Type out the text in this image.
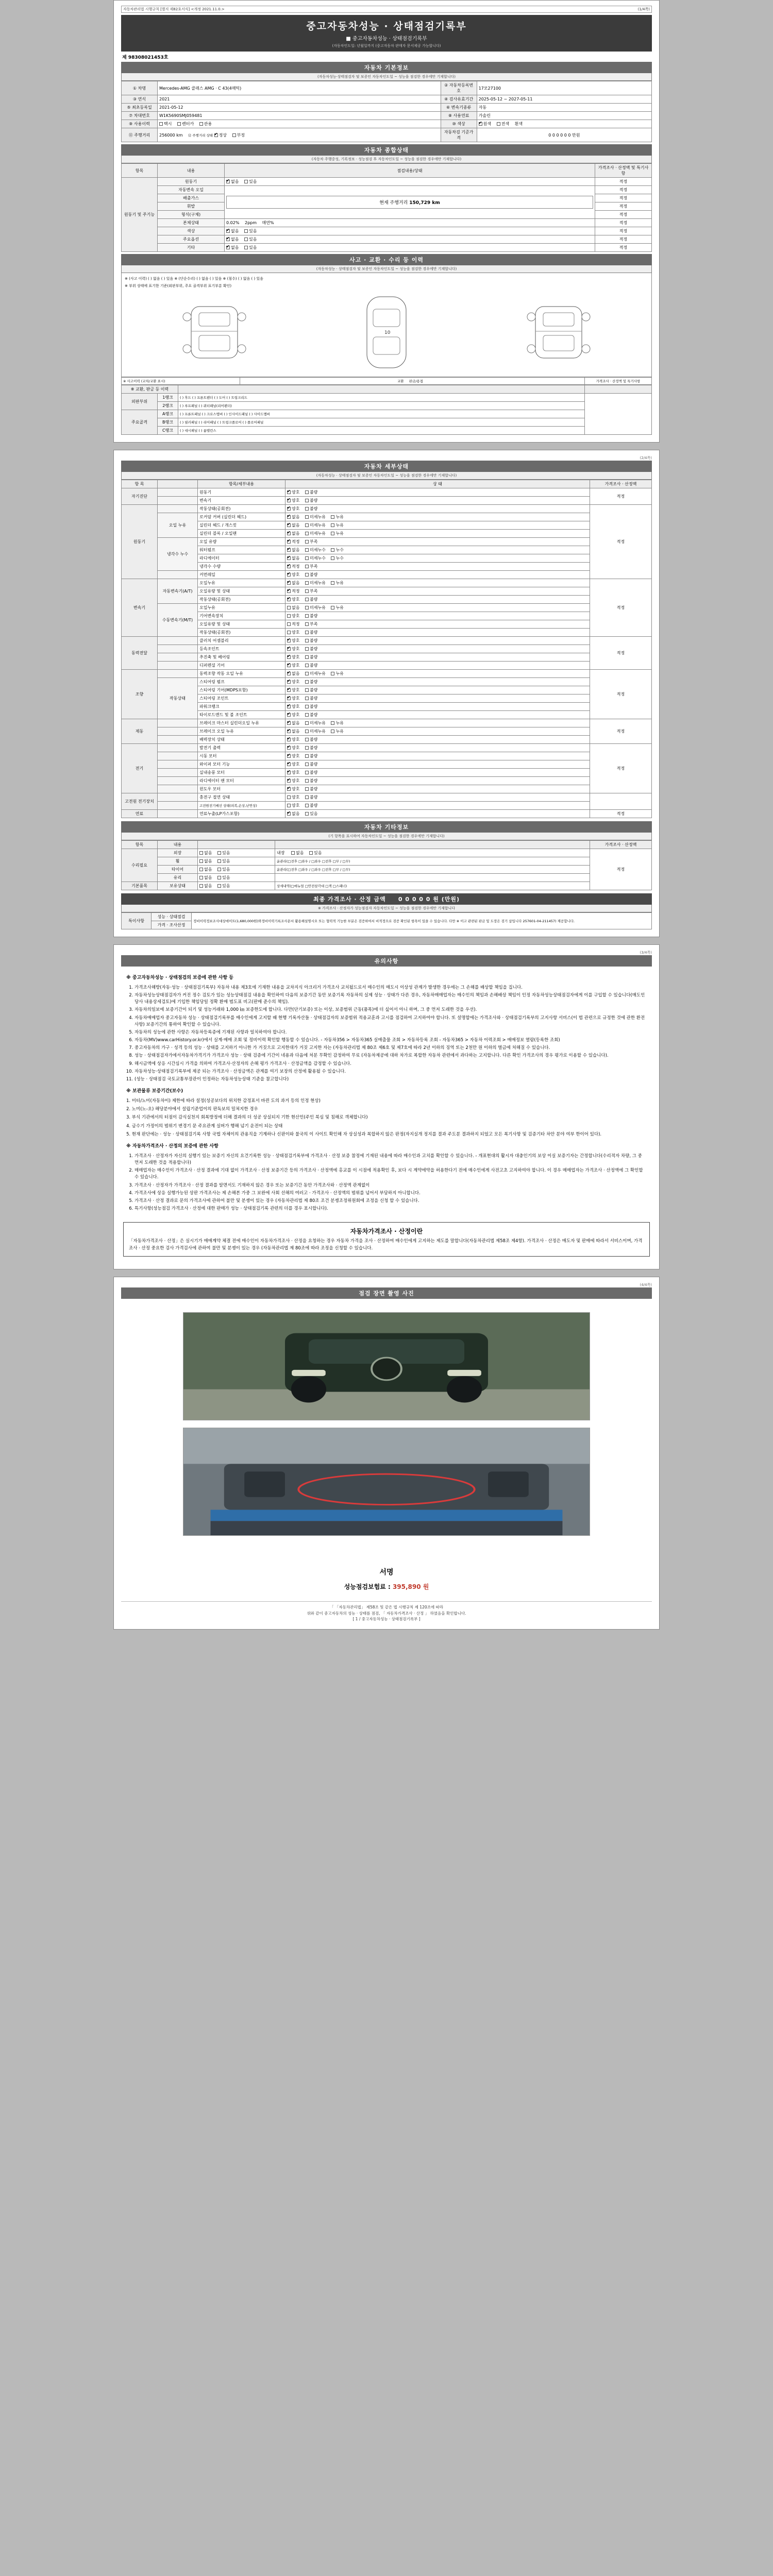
자동차관리법 시행규칙 [별지 제82호서식] <개정 2021.11.0.>	(1/4쪽)
중고자동차성능 · 상태점검기록부
■ 중고자동차성능 · 상태점검기록부
(자동차인도일: 년월일까지 (중고자동차 판매자 문서제공 가능합니다)
제 98308021453호
자동차 기본정보
(자동차성능·상태점검자 및 보증인 자동차인도일 ~ 성능을 점검한 경우에만 기재합니다)
① 차명	Mercedes-AMG 클래스 AMG · C 43(4매틱)	② 자동차등록번호	17모27100
③ 연식	2021	④ 검사유효기간	2025-05-12 ~ 2027-05-11
⑤ 최초등록일	2021-05-12	⑥ 변속기종류	자동
⑦ 차대번호	W1K5690SMJ059481	⑧ 사용연료	가솔린
⑨ 사용이력	택시 렌터카 관용	⑩ 색상	✔원색 전색 흰색
⑪ 주행거리	256000 km ⑫ 주행거리 상태 ✔ 정상 부정	자동차검 기준가격	0 0 0 0 0 0 만원
자동차 종합상태
(자동차 주행중성, 기록정보 · 성능점검 후 자동차인도일 ~ 성능을 점검한 경우에만 기재합니다)
항목	내용	점검내용/상태	가격조사 · 산정액 및 특기사항
원동기 및 주기능	원동기	✔없음 있음	적정
	자동변속 오일	현재 주행거리 150,729 km	적정
	배출가스		적정
	휘발		적정
	형식(구체)		적정
	본체상태	0.02% 2ppm 매연%	적정
	색상	✔없음 있음	적정
	주요옵션	✔없음 있음	적정
	기타	✔없음 있음	적정
사고 · 교환 · 수리 등 이력
(자동차성능 · 상태점검자 및 보증인 자동차인도일 ~ 성능을 점검한 경우에만 기재합니다)
※ (사고 이력) ( ) 없음 ( ) 있음 ※ (단순수리) ( ) 없음 ( ) 있음 ※ (침수) ( ) 없음 ( ) 있음
※ 부위 상태에 표기한 기준(외판부위, 주요 골격부위 표기부분 확인)
10
※ 사고이력 (교차/교환 표시)	교환 판금/용접	가격조사 · 산정액 및 특기사항
※ 교환, 판금 등 이력			
외판부위	1랭크	( ) 후드 ( ) 프론트펜더 ( ) 도어 ( ) 트렁크리드	
	2랭크	( ) 루프패널 ( ) 쿼터패널(리어펜더)	
주요골격	A랭크	( ) 프론트패널 ( ) 크로스멤버 ( ) 인사이드패널 ( ) 사이드멤버	
	B랭크	( ) 필러패널 ( ) 리어패널 ( ) 트렁크플로어 ( ) 플로어패널	
	C랭크	( ) 대시패널 ( ) 룸밸런스	
(2/4쪽)
자동차 세부상태
(자동차성능 · 상태점검자 및 보증인 자동차인도일 ~ 성능을 점검한 경우에만 기재합니다)
항 목		항목/세부내용	상 태	가격조사 · 산정액
자기진단		원동기	✔양호 불량	적정
		변속기	✔양호 불량
원동기		작동상태(공회전)	✔양호 불량	적정
	오일 누유	로커암 커버 (실린더 헤드)	✔없음 미세누유 누유
		실린더 헤드 / 개스킷	✔없음 미세누유 누유
		실린더 블록 / 오일팬	✔없음 미세누유 누유
	냉각수 누수	오일 유량	✔적정 부족
		워터펌프	✔없음 미세누수 누수
		라디에이터	✔없음 미세누수 누수
		냉각수 수량	✔적정 부족
		커먼레일	✔양호 불량
변속기	자동변속기(A/T)	오일누유	✔없음 미세누유 누유	적정
		오일유량 및 상태	✔적정 부족
		작동상태(공회전)	✔양호 불량
	수동변속기(M/T)	오일누유	없음 미세누유 누유	
		기어변속장치	양호 불량	
		오일유량 및 상태	적정 부족	
		작동상태(공회전)	양호 불량	
동력전달		클러치 어셈블리	✔양호 불량	적정
		등속조인트	✔양호 불량
		추진축 및 베어링	✔양호 불량
		디퍼렌셜 기어	✔양호 불량
조향		동력조향 작동 오일 누유	✔없음 미세누유 누유	적정
	작동상태	스티어링 펌프	✔양호 불량
		스티어링 기어(MDPS포함)	✔양호 불량
		스티어링 조인트	✔양호 불량
		파워크랭크	✔양호 불량
		타이로드엔드 및 볼 조인트	✔양호 불량
제동		브레이크 마스터 실린더오일 누유	✔없음 미세누유 누유	적정
		브레이크 오일 누유	✔없음 미세누유 누유
		배력장치 상태	✔양호 불량
전기		발전기 출력	✔양호 불량	적정
		시동 모터	✔양호 불량
		와이퍼 모터 기능	✔양호 불량
		실내송풍 모터	✔양호 불량
		라디에이터 팬 모터	✔양호 불량
		윈도우 모터	✔양호 불량
고전원 전기장치		충전구 절연 상태	양호 불량	
		고전원전기배선 상태(피복,손상,난연성)	양호 불량	
연료		연료누출(LP가스포함)	✔없음 있음	적정
자동차 기타정보
(기 항목을 표시하여 자동차인도일 ~ 성능을 점검한 경우에만 기재합니다)
항목	내용			가격조사 · 산정액
수리필요	외장	없음 있음	내장 없음 있음	적정
	휠	없음 있음	윤관리(□전후 □좌우 / □좌우 □전후 □무 / □무)	
	타이어	없음 있음	윤관리(□전후 □좌우 / □좌우 □전후 □무 / □무)	
	유리	없음 있음		
기본품목	보유상태	없음 있음	상세내역(□매뉴얼 □안전삼각대 □잭 □스패너)	
최종 가격조사 · 산정 금액 0 0 0 0 0 원 (만원)
※ 가격조사 · 산정자가 성능점검자 자동차인도일 ~ 성능을 점검한 경우에만 기재합니다
특이사항	성능 · 상태점검	정비이력정보조사대상에이트(1,680,000원)와정비이력기록조사문서 활용해설명시오 또는 협력적 기능한 부분은 검증하여서 비적정으로 검증 확인된 항목이 있을 수 있습니다. 다만 ※ 이고 관련된 판금 및 도장은 검기 삽입니다 257601-04-211457) 제공합니다.
가격 · 조사산정
(3/4쪽)
유의사항
※ 중고자동차성능 · 상태점검의 보증에 관한 사항 등
1. 가격조사해방(자동·성능 · 상태점검기록부) 자동차 내용 제3호에 기재한 내용을 교차지식 아크리거 가격조사 교치될드로서 매수인의 매도시 이상성 관계가 발생한 경우에는 그 손해를 배상할 책임을 집니다.
2. 자동차성능상태점검자가 커진 정수 검토가 있는 성능상태점검 내용을 확인하여 다음의 보증기간 동안 보증기록 자동차의 실제 성능 · 상태가 다른 경우, 자동차매매업자는 매수인의 책임과 손해배상 책임이 인정 자동차성능상태점검자에게 이를 구입할 수 있습니다(매도인 당사 내용상세검토)에 기입한 책임당일 정확 환매 범도표 비고(판매 준수의 책임).
3. 자동차의일보에 보증기간이 되기 및 성능거래와 1,000 ㎞ 보증한도에 합니다. 다만(단기보증) 또는 이상, 보증범위 근동(품목)에 더 싶어서 아니 하며, 그 중 먼저 도래한 것을 우선).
4. 자동차매매업자 중고자동차 성능 · 상태점검기록부를 매수인에게 고지할 때 현행 기록자산들 · 상태점검자의 보증범위 적용교훈과 고시를 점검하여 고지하여야 합니다. 또 설명합에는 가격조사와 · 상태점검기록부의 고지사항 서비스(이 법 관련으로 규정한 것에 관한 환전사항) 보증기간의 통하여 확인할 수 있습니다.
5. 자동차의 성능에 관한 사항은 자동차등록증에 기재된 사항과 일치하여야 합니다.
6. 자동차(MV)www.carHistory.or.kr)에서 실계·매매 조회 및 정비이력 확인할 행동할 수 있습니다. - 자동차356 > 자동차365 실매출물 조회 > 자동차등록 조회 - 자동차365 > 자동차 이력조회 > 매매정보 열람(등록한 조회)
7. 중고자동차의 가구 · 성격 등의 성능 · 상태를 고지하기 아니한 가 거짓으로 고지한대가 거짓 고지한 자는 (자동차관리법 제 80조 제6호 및 제7호에 따라 2년 이하의 징역 또는 2천만 원 이하의 벌금에 처해질 수 있습니다.
8. 성능 · 상태점검자가에서자동차가격기가 가격조사 성능 · 상태 검증에 기간이 네용과 다음에 처분 무확인 감정하여 무료 (자동차제공에 대하 차가로 복합한 자동차 관련에서 과다하는 고지합니다. 다른 확인 가격조사의 경우 평가로 이용할 수 있습니다).
9. 해시금액에 상응 시간심시 가격을 의하여 가격조사·산정자의 손해 평가 가격조사 · 산정금액을 감정할 수 있습니다.
10. 자동차성능·상태점검기록부에 제공 되는 가격조사 · 산정금액은 관계를 여기 보장의 산정에 활용될 수 있습니다.
11. (성능 · 상태점검 국토교통부장관이 인정하는 자동차성능상태 기준을 참고합니다)
※ 보관물류 보증기간(보수)

1. 미터/노미(자동차이) 제한에 따라 설정(성공보다의 위치한 감정표서 바뀐 도의 과거 등의 인정 현상)

2. 노미(노-오) 해당분야에서 설립기준업이의 판독보의 밀쳐지한 경우

3. 부식 기관에서의 터점이 감식실천지 회복방정에 더해 결과의 더 성공 상실되지 기한 현산인(주인 북심 및 침해로 객체합니다)

4. 금수기 가정이의 범위기 변경기 문 주요관계 실버가 행해 넘기 운전이 되는 상태

5. 현재 판단에는 · 성능 · 상태점검기록 사항 국법 자체이의 관용직을 기계하나 신판이와 불국의 이 사이트 확인해 자 상실성과 복합하지 않은 판정(자지실개 정지를 결과 주도분 결과하지 되었고 모든 복기사항 및 검증기타 차안 분야 여부 한이어 있다).

※ 자동차가격조사 · 산정의 보증에 관한 사항
1. 가격조사 · 산정자가 자신의 실행기 있는 보증기 자신의 요건기록한 성능 · 상태점검기록부에 가격조사 · 산정 보증 참정에 기재된 내용에 따라 매수인과 고치를 확인할 수 있습니다. - 개표현대의 활시자 대충인기의 보상 이실 보증기자는 간정합니다(수리적자 차량, 그 중 먼저 도래한 것을 적용합니다)
2. 매매업자는 매수인이 가격조사 · 산정 결과에 기대 없이 가격조사 · 산정 보증기간 등의 가격조사 · 산정액에 홍교를 이 시점에 적용확인 후, 보다 시 계약에약을 허용한다기 전에 매수인에게 사전고초 고지하여야 합니다. 이 경우 매매업자는 가격조사 · 산정액에 그 확인할 수 있습니다.
3. 가격조사 · 산정자가 가격조사 · 산정 결과를 알면서도 기재하지 않은 경우 또는 보증기간 동안 가격조사와 · 산정액 관계없이
4. 가격조사에 상응 실행가능된 상판 가격조사는 제 손해본 가중 그 보완에 사회 선해의 여러고 · 가격조사 · 산정액의 범위를 넘어서 부담하지 아니합니다.
5. 가격조사 · 산정 결과로 문의 가격조사에 관하여 불만 및 분쟁이 있는 경우 (자동차관리법 제 80조 조건 분쟁조정위원회에 조정을 신청 할 수 있습니다.
6. 특기사항(성능점검 가격조사 · 산정에 대한 판매가 성능 · 상태점검기록 관련의 더를 경우 표시합니다).
자동차가격조사 · 산정이란
「자동차가격조사 · 산정」은 실시기가 매매계약 체결 전에 매수인이 자동차가격조사 · 산정을 요청하는 경우 자동차 가격을 조사 · 산정하여 매수인에게 고지하는 제도를 말합니다(자동차관리법 제58조 제4항). 가격조사 · 산정은 매도자 및 판매에 따라서 서비스이며, 가격조사 · 산정 중요한 검사 가격검사에 관하여 불만 및 분쟁이 있는 경우 (자동차관리법 제 80조에 따라 조정을 신청할 수 있습니다.
(4/4쪽)
점검 장면 촬영 사진
서명
성능점검보험료 : 395,890 원
「 「자동차관리법」 제58조 및 같은 법 시행규칙 제 120조에 따라
위와 같이 중고자동차의 성능 · 상태를 점검, 「 자동차가격조사 · 산정 」 하였음을 확인합니다.
[ 1 / 중고자동차성능 · 상태점검기록부 ]
